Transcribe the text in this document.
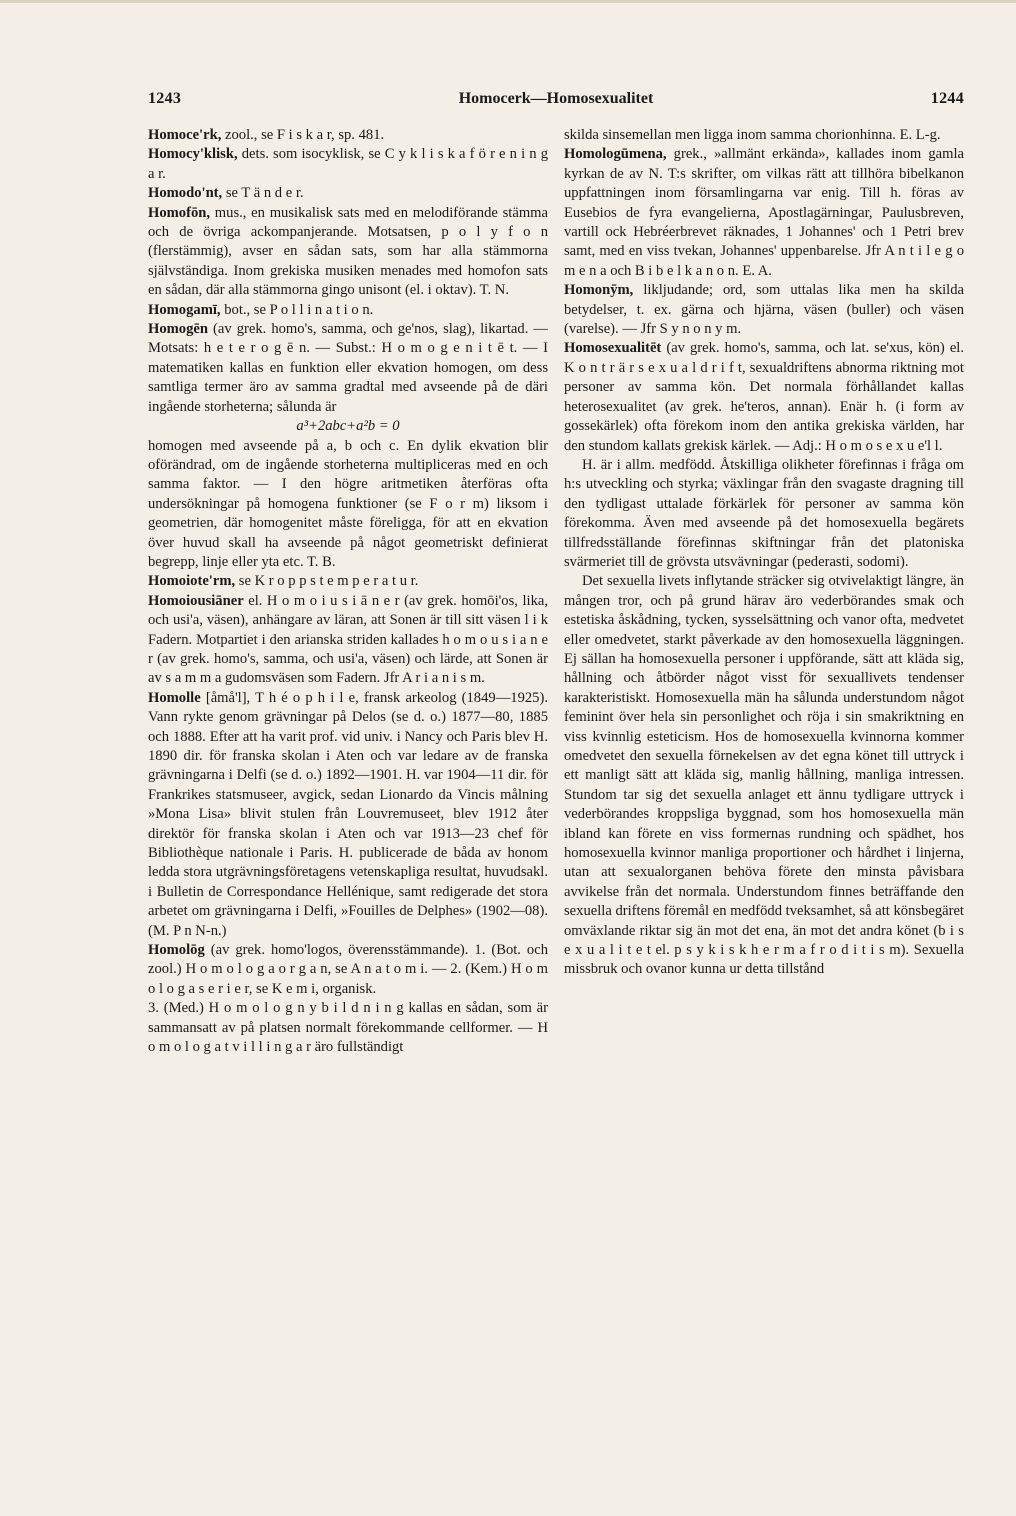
1243	Homocerk—Homosexualitet	1244

Homoce'rk, zool., se F i s k a r, sp. 481.

Homocy'klisk, dets. som isocyklisk, se C y k l i s k a f ö r e n i n g a r.

Homodo'nt, se T ä n d e r.

Homofōn, mus., en musikalisk sats med en melodiförande stämma och de övriga ackompanjerande. Motsatsen, p o l y f o n (flerstämmig), avser en sådan sats, som har alla stämmorna självständiga. Inom grekiska musiken menades med homofon sats en sådan, där alla stämmorna gingo unisont (el. i oktav). T. N.

Homogamī, bot., se P o l l i n a t i o n.

Homogēn (av grek. homo's, samma, och ge'nos, slag), likartad. — Motsats: h e t e r o g ē n. — Subst.: H o m o g e n i t ē t. — I matematiken kallas en funktion eller ekvation homogen, om dess samtliga termer äro av samma gradtal med avseende på de däri ingående storheterna; sålunda är

a³+2abc+a²b = 0

homogen med avseende på a, b och c. En dylik ekvation blir oförändrad, om de ingående storheterna multipliceras med en och samma faktor. — I den högre aritmetiken återföras ofta undersökningar på homogena funktioner (se F o r m) liksom i geometrien, där homogenitet måste föreligga, för att en ekvation över huvud skall ha avseende på något geometriskt definierat begrepp, linje eller yta etc. T. B.

Homoiote'rm, se K r o p p s t e m p e r a t u r.

Homoiousiāner el. H o m o i u s i ā n e r (av grek. homōi'os, lika, och usi'a, väsen), anhängare av läran, att Sonen är till sitt väsen l i k Fadern. Motpartiet i den arianska striden kallades h o m o u s i a n e r (av grek. homo's, samma, och usi'a, väsen) och lärde, att Sonen är av s a m m a gudomsväsen som Fadern. Jfr A r i a n i s m.

Homolle [åmå'l], T h é o p h i l e, fransk arkeolog (1849—1925). Vann rykte genom grävningar på Delos (se d. o.) 1877—80, 1885 och 1888. Efter att ha varit prof. vid univ. i Nancy och Paris blev H. 1890 dir. för franska skolan i Aten och var ledare av de franska grävningarna i Delfi (se d. o.) 1892—1901. H. var 1904—11 dir. för Frankrikes statsmuseer, avgick, sedan Lionardo da Vincis målning »Mona Lisa» blivit stulen från Louvremuseet, blev 1912 åter direktör för franska skolan i Aten och var 1913—23 chef för Bibliothèque nationale i Paris. H. publicerade de båda av honom ledda stora utgrävningsföretagens vetenskapliga resultat, huvudsakl. i Bulletin de Correspondance Hellénique, samt redigerade det stora arbetet om grävningarna i Delfi, »Fouilles de Delphes» (1902—08). (M. P n N-n.)

Homolōg (av grek. homo'logos, överensstämmande). 1. (Bot. och zool.) H o m o l o g a o r g a n, se A n a t o m i. — 2. (Kem.) H o m o l o g a s e r i e r, se K e m i, organisk.

3. (Med.) H o m o l o g n y b i l d n i n g kallas en sådan, som är sammansatt av på platsen normalt förekommande cellformer. — H o m o l o g a t v i l l i n g a r äro fullständigt

skilda sinsemellan men ligga inom samma chorionhinna. E. L-g.

Homologūmena, grek., »allmänt erkända», kallades inom gamla kyrkan de av N. T:s skrifter, om vilkas rätt att tillhöra bibelkanon uppfattningen inom församlingarna var enig. Till h. föras av Eusebios de fyra evangelierna, Apostlagärningar, Paulusbreven, vartill ock Hebréerbrevet räknades, 1 Johannes' och 1 Petri brev samt, med en viss tvekan, Johannes' uppenbarelse. Jfr A n t i l e g o m e n a och B i b e l k a n o n. E. A.

Homonȳm, likljudande; ord, som uttalas lika men ha skilda betydelser, t. ex. gärna och hjärna, väsen (buller) och väsen (varelse). — Jfr S y n o n y m.

Homosexualitēt (av grek. homo's, samma, och lat. se'xus, kön) el. K o n t r ä r s e x u a l d r i f t, sexualdriftens abnorma riktning mot personer av samma kön. Det normala förhållandet kallas heterosexualitet (av grek. he'teros, annan). Enär h. (i form av gossekärlek) ofta förekom inom den antika grekiska världen, har den stundom kallats grekisk kärlek. — Adj.: H o m o s e x u e'l l.

H. är i allm. medfödd. Åtskilliga olikheter förefinnas i fråga om h:s utveckling och styrka; växlingar från den svagaste dragning till den tydligast uttalade förkärlek för personer av samma kön förekomma. Även med avseende på det homosexuella begärets tillfredsställande förefinnas skiftningar från det platoniska svärmeriet till de grövsta utsvävningar (pederasti, sodomi).

Det sexuella livets inflytande sträcker sig otvivelaktigt längre, än mången tror, och på grund härav äro vederbörandes smak och estetiska åskådning, tycken, sysselsättning och vanor ofta, medvetet eller omedvetet, starkt påverkade av den homosexuella läggningen. Ej sällan ha homosexuella personer i uppförande, sätt att kläda sig, hållning och åtbörder något visst för sexuallivets tendenser karakteristiskt. Homosexuella män ha sålunda understundom något feminint över hela sin personlighet och röja i sin smakriktning en viss kvinnlig esteticism. Hos de homosexuella kvinnorna kommer omedvetet den sexuella förnekelsen av det egna könet till uttryck i ett manligt sätt att kläda sig, manlig hållning, manliga intressen. Stundom tar sig det sexuella anlaget ett ännu tydligare uttryck i vederbörandes kroppsliga byggnad, som hos homosexuella män ibland kan förete en viss formernas rundning och spädhet, hos homosexuella kvinnor manliga proportioner och hårdhet i linjerna, utan att sexualorganen behöva förete den minsta påvisbara avvikelse från det normala. Understundom finnes beträffande den sexuella driftens föremål en medfödd tveksamhet, så att könsbegäret omväxlande riktar sig än mot det ena, än mot det andra könet (b i s e x u a l i t e t el. p s y k i s k h e r m a f r o d i t i s m). Sexuella missbruk och ovanor kunna ur detta tillstånd
